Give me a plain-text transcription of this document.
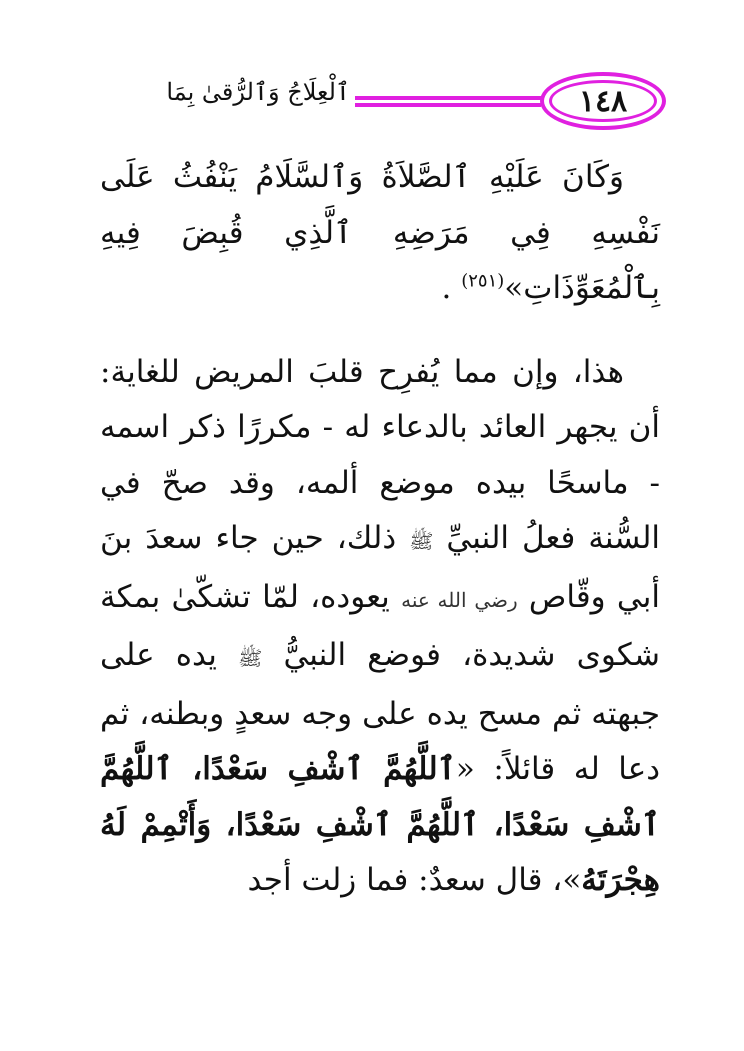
١٤٨
ٱلْعِلَاجُ وَٱلرُّقىٰ بِمَا

وَكَانَ عَلَيْهِ ٱلصَّلاَةُ وَٱلسَّلَامُ يَنْفُثُ عَلَى نَفْسِهِ فِي مَرَضِهِ ٱلَّذِي قُبِضَ فِيهِ بِٱلْمُعَوِّذَاتِ»$^{(٢٥١)}$ .

هذا، وإن مما يُفرِح قلبَ المريض للغاية: أن يجهر العائد بالدعاء له - مكررًا ذكر اسمه - ماسحًا بيده موضع ألمه، وقد صحّ في السُّنة فعلُ النبيِّ ﷺ ذلك، حين جاء سعدَ بنَ أبي وقّاص رضي الله عنه يعوده، لمّا تشكّىٰ بمكة شكوى شديدة، فوضع النبيُّ ﷺ يده على جبهته ثم مسح يده على وجه سعدٍ وبطنه، ثم دعا له قائلاً: «ٱللَّهُمَّ ٱشْفِ سَعْدًا، ٱللَّهُمَّ ٱشْفِ سَعْدًا، ٱللَّهُمَّ ٱشْفِ سَعْدًا، وَأَتْمِمْ لَهُ هِجْرَتَهُ»، قال سعدٌ: فما زلت أجد
